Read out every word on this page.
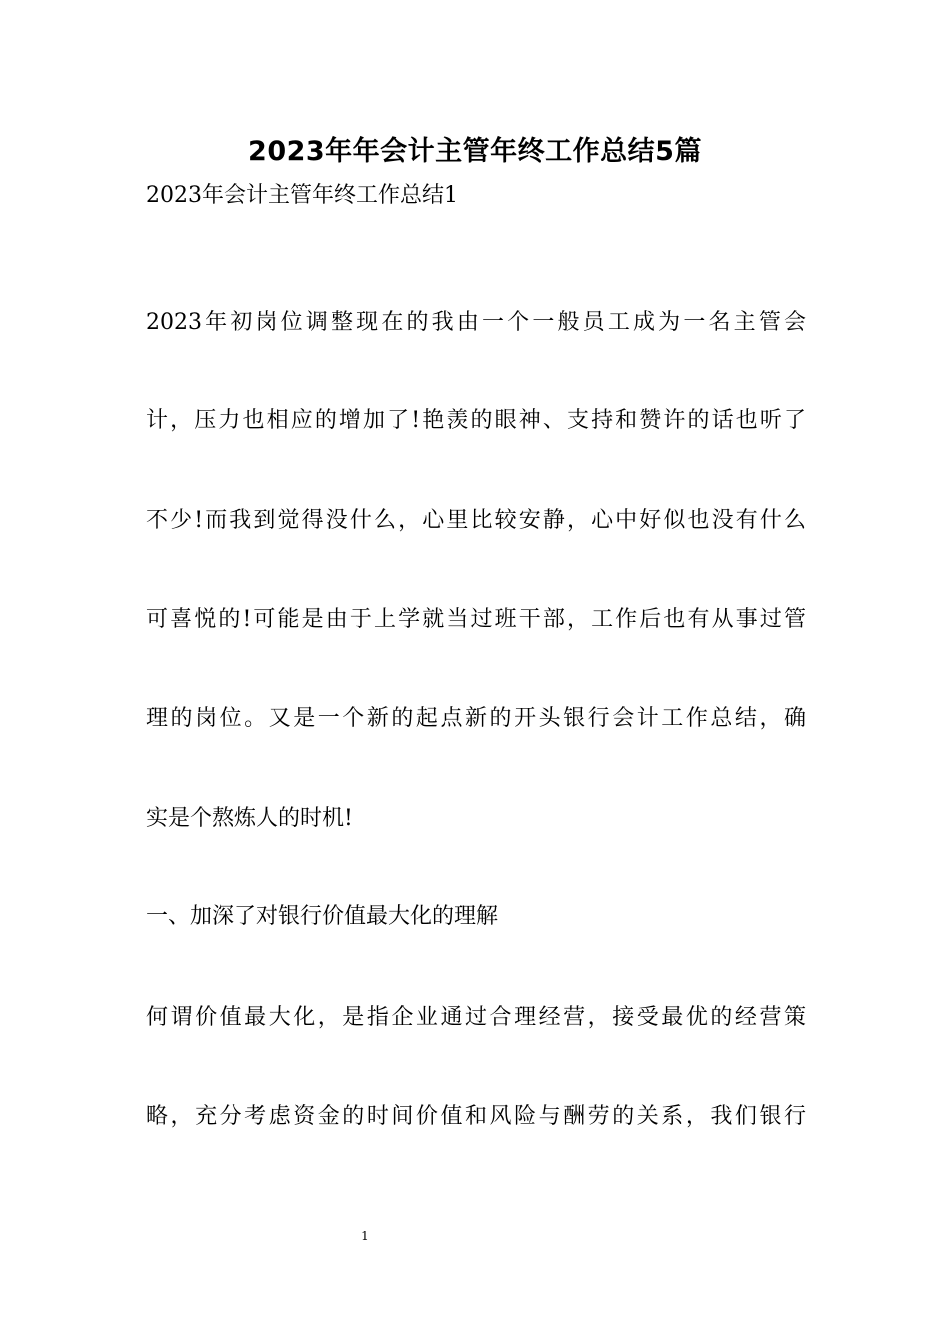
2023年年会计主管年终工作总结5篇
2023年会计主管年终工作总结1
2023年初岗位调整现在的我由一个一般员工成为一名主管会
计，压力也相应的增加了!艳羡的眼神、支持和赞许的话也听了
不少!而我到觉得没什么，心里比较安静，心中好似也没有什么
可喜悦的!可能是由于上学就当过班干部，工作后也有从事过管
理的岗位。又是一个新的起点新的开头银行会计工作总结，确
实是个熬炼人的时机!
一、加深了对银行价值最大化的理解
何谓价值最大化，是指企业通过合理经营，接受最优的经营策
略，充分考虑资金的时间价值和风险与酬劳的关系，我们银行
1
